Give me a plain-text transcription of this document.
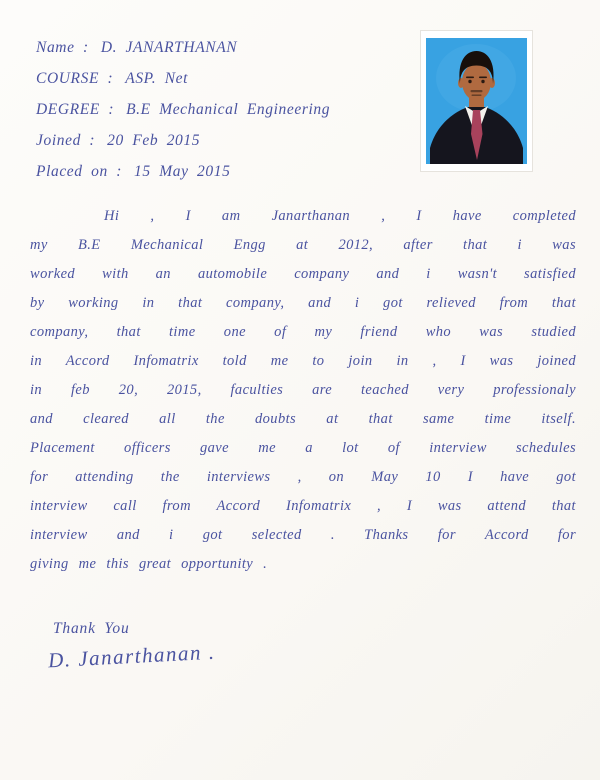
Name : D. JANARTHANAN
COURSE : ASP. Net
DEGREE : B.E Mechanical Engineering
Joined : 20 Feb 2015
Placed on : 15 May 2015
Hi , I am Janarthanan , I have completed
my B.E Mechanical Engg at 2012, after that i was
worked with an automobile company and i wasn't satisfied
by working in that company, and i got relieved from that
company, that time one of my friend who was studied
in Accord Infomatrix told me to join in , I was joined
in feb 20, 2015, faculties are teached very professionaly
and cleared all the doubts at that same time itself.
Placement officers gave me a lot of interview schedules
for attending the interviews , on May 10 I have got
interview call from Accord Infomatrix , I was attend that
interview and i got selected . Thanks for Accord for
giving me this great opportunity .
Thank You
D. Janarthanan .
